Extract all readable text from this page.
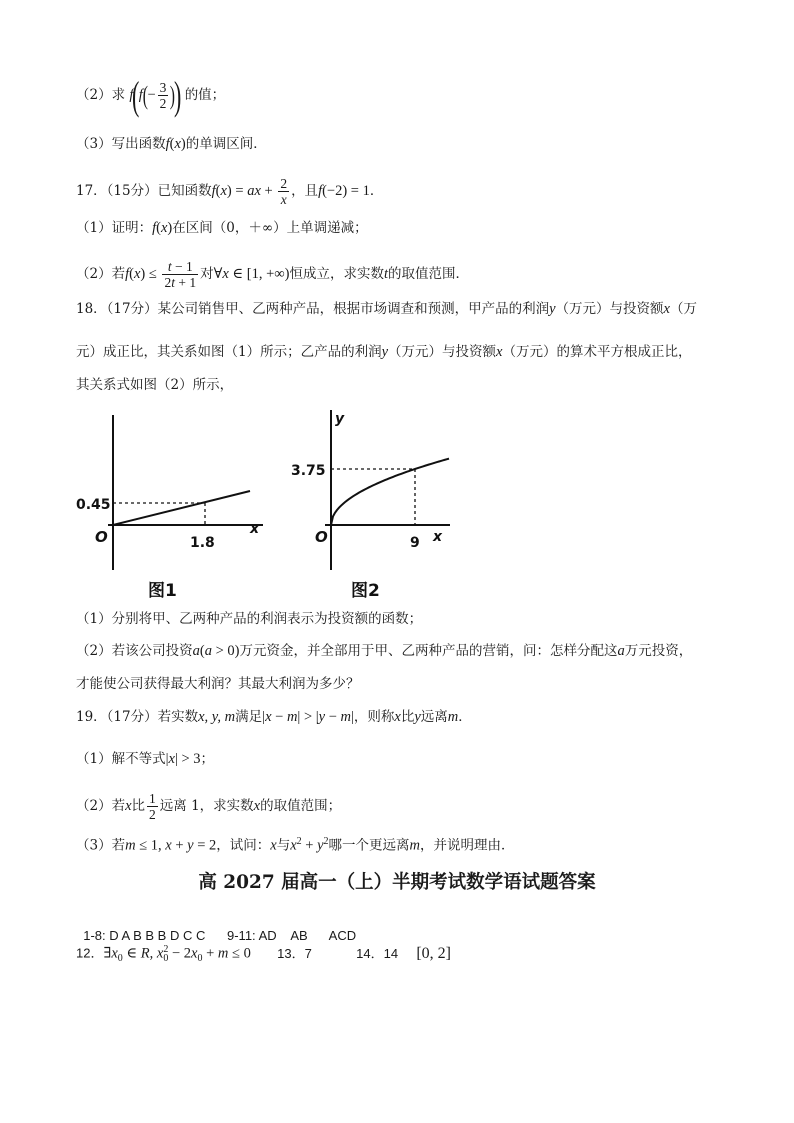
（2）求 $f(f(- \frac{3}{2}$ )) 的值；
（3）写出函数f(x)的单调区间．
17．（15分）已知函数f(x) = ax + $\frac{2}{x}$ ，且f(−2) = 1．
（1）证明：f(x)在区间（0，＋∞）上单调递减；
（2）若$f(x) \le \frac{t - 1}{2t + 1}$ 对∀x ∈ [1, +∞)恒成立，求实数t的取值范围．
18．（17分）某公司销售甲、乙两种产品，根据市场调查和预测，甲产品的利润y（万元）与投资额x（万
元）成正比，其关系如图（1）所示；乙产品的利润y（万元）与投资额x（万元）的算术平方根成正比，
其关系式如图（2）所示，
0.45
1.8
O	x
图1
y
3.75
9
O	x
图2
（1）分别将甲、乙两种产品的利润表示为投资额的函数；
（2）若该公司投资a(a > 0)万元资金，并全部用于甲、乙两种产品的营销，问：怎样分配这a万元投资，
才能使公司获得最大利润？其最大利润为多少？
19．（17分）若实数x, y, m满足|x − m| > |y − m|，则称x比y远离m．
（1）解不等式|x| > 3；
（2）若x比 $\frac{1}{2}$ 远离 1，求实数x的取值范围；
（3）若m ≤ 1, x + y = 2，试问：x与$x^2 + y^2$哪一个更远离m，并说明理由．
高 2027 届高一（上）半期考试数学语试题答案

1-8: D A B B B D C C      9-11: AD    AB      ACD

12．$\exists x_0$ ∈ R, $x_0^2 - 2x_0 + m \le 0$ 13．7	14．14 [0, 2]
